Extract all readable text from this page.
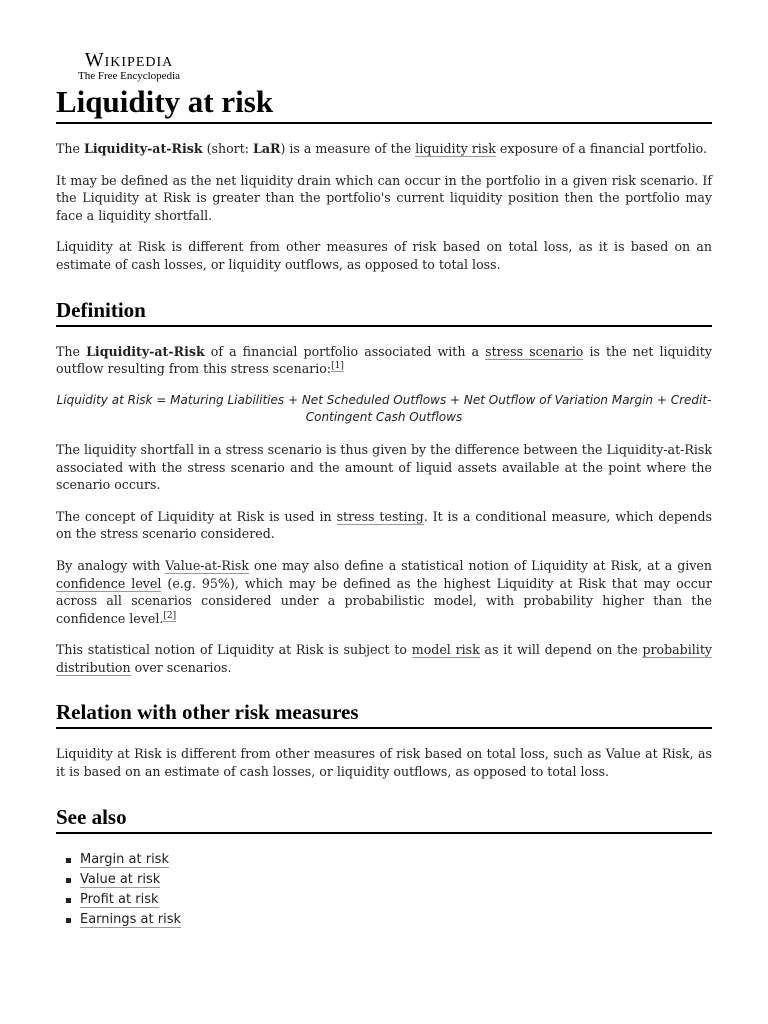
Wikipedia
The Free Encyclopedia
Liquidity at risk

The Liquidity-at-Risk (short: LaR) is a measure of the liquidity risk exposure of a financial portfolio.

It may be defined as the net liquidity drain which can occur in the portfolio in a given risk scenario. If the Liquidity at Risk is greater than the portfolio's current liquidity position then the portfolio may face a liquidity shortfall.

Liquidity at Risk is different from other measures of risk based on total loss, as it is based on an estimate of cash losses, or liquidity outflows, as opposed to total loss.

Definition

The Liquidity-at-Risk of a financial portfolio associated with a stress scenario is the net liquidity outflow resulting from this stress scenario:[1]

Liquidity at Risk = Maturing Liabilities + Net Scheduled Outflows + Net Outflow of Variation Margin + Credit-Contingent Cash Outflows

The liquidity shortfall in a stress scenario is thus given by the difference between the Liquidity-at-Risk associated with the stress scenario and the amount of liquid assets available at the point where the scenario occurs.

The concept of Liquidity at Risk is used in stress testing. It is a conditional measure, which depends on the stress scenario considered.

By analogy with Value-at-Risk one may also define a statistical notion of Liquidity at Risk, at a given confidence level (e.g. 95%), which may be defined as the highest Liquidity at Risk that may occur across all scenarios considered under a probabilistic model, with probability higher than the confidence level.[2]

This statistical notion of Liquidity at Risk is subject to model risk as it will depend on the probability distribution over scenarios.

Relation with other risk measures

Liquidity at Risk is different from other measures of risk based on total loss, such as Value at Risk, as it is based on an estimate of cash losses, or liquidity outflows, as opposed to total loss.

See also
Margin at risk
Value at risk
Profit at risk
Earnings at risk
